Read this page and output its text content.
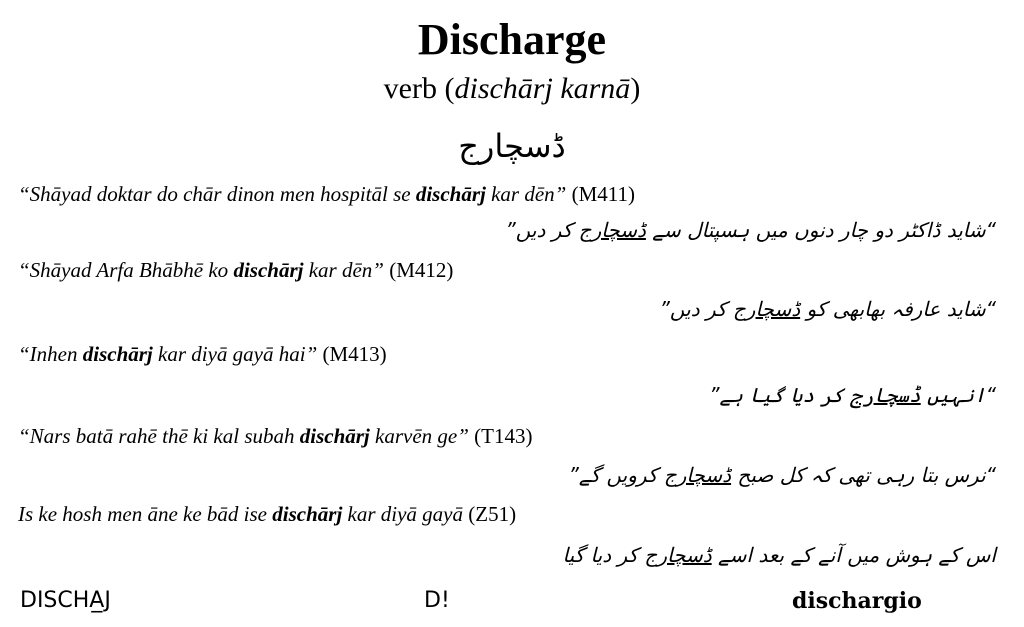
Discharge
verb (dischārj karnā)
ڈسچارج
“Shāyad doktar do chār dinon men hospitāl se dischārj kar dēn” (M411)
“شاید ڈاکٹر دو چار دنوں میں ہسپتال سے ڈسچارج کر دیں”
“Shāyad Arfa Bhābhē ko dischārj kar dēn” (M412)
“شاید عارفہ بھابھی کو ڈسچارج کر دیں”
“Inhen dischārj kar diyā gayā hai” (M413)
“انہیں ڈسچارج کر دیا گیا ہے”
“Nars batā rahē thē ki kal subah dischārj karvēn ge” (T143)
“نرس بتا رہی تھی کہ کل صبح ڈسچارج کرویں گے”
Is ke hosh men āne ke bād ise dischārj kar diyā gayā (Z51)
اس کے ہوش میں آنے کے بعد اسے ڈسچارج کر دیا گیا
DISCHA̲J	D!	dischargio
